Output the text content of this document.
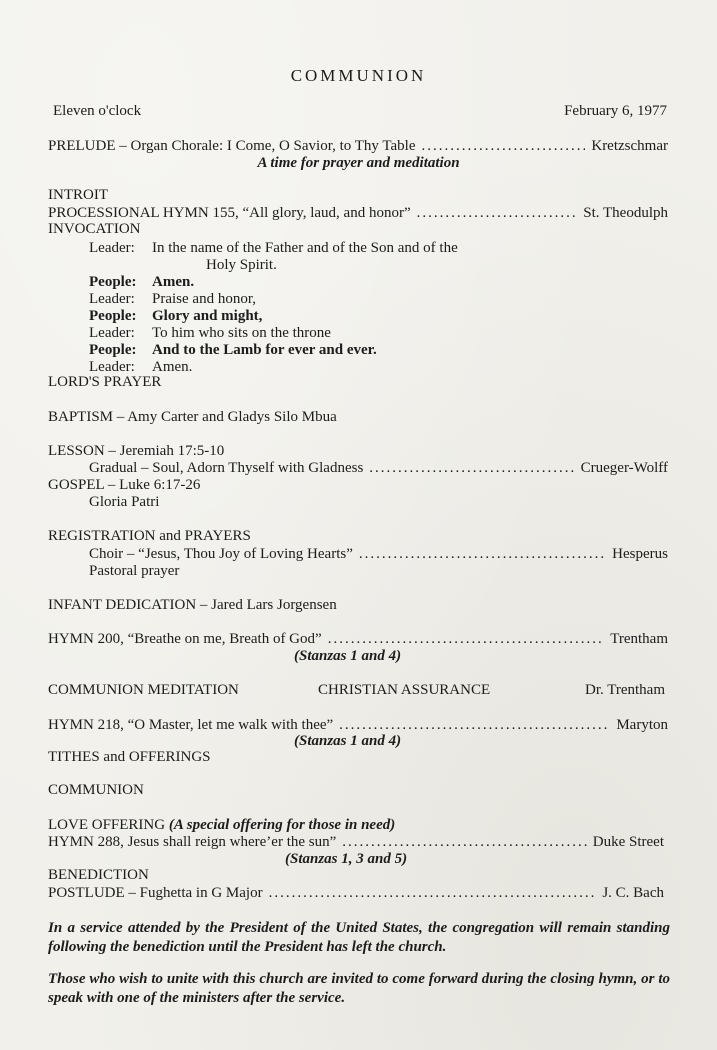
COMMUNION
Eleven o'clock	February 6, 1977
PRELUDE – Organ Chorale: I Come, O Savior, to Thy Table .....	Kretzschmar
A time for prayer and meditation
INTROIT
PROCESSIONAL HYMN 155, “All glory, laud, and honor” .....	St. Theodulph
INVOCATION
Leader: In the name of the Father and of the Son and of the
Holy Spirit.
People: Amen.
Leader: Praise and honor,
People: Glory and might,
Leader: To him who sits on the throne
People: And to the Lamb for ever and ever.
Leader: Amen.
LORD'S PRAYER
BAPTISM – Amy Carter and Gladys Silo Mbua
LESSON – Jeremiah 17:5-10
Gradual – Soul, Adorn Thyself with Gladness .....	Crueger-Wolff
GOSPEL – Luke 6:17-26
Gloria Patri
REGISTRATION and PRAYERS
Choir – “Jesus, Thou Joy of Loving Hearts” .....	Hesperus
Pastoral prayer
INFANT DEDICATION – Jared Lars Jorgensen
HYMN 200, “Breathe on me, Breath of God” .....	Trentham
(Stanzas 1 and 4)
COMMUNION MEDITATION	CHRISTIAN ASSURANCE	Dr. Trentham
HYMN 218, “O Master, let me walk with thee” .....	Maryton
(Stanzas 1 and 4)
TITHES and OFFERINGS
COMMUNION
LOVE OFFERING (A special offering for those in need)
HYMN 288, Jesus shall reign where’er the sun” .....	Duke Street
(Stanzas 1, 3 and 5)
BENEDICTION
POSTLUDE – Fughetta in G Major .....	J. C. Bach
In a service attended by the President of the United States, the congregation will remain standing following the benediction until the President has left the church.
Those who wish to unite with this church are invited to come forward during the closing hymn, or to speak with one of the ministers after the service.
